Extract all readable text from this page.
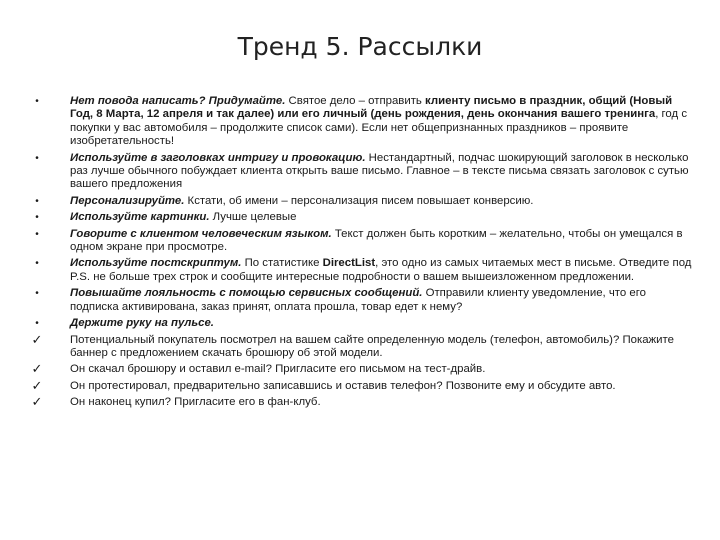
Тренд 5. Рассылки
•	Нет повода написать? Придумайте. Святое дело – отправить клиенту письмо в праздник, общий (Новый Год, 8 Марта, 12 апреля и так далее) или его личный (день рождения, день окончания вашего тренинга, год с покупки у вас автомобиля – продолжите список сами). Если нет общепризнанных праздников – проявите изобретательность!
•	Используйте в заголовках интригу и провокацию. Нестандартный, подчас шокирующий заголовок в несколько раз лучше обычного побуждает клиента открыть ваше письмо. Главное – в тексте письма связать заголовок с сутью вашего предложения
•	Персонализируйте. Кстати, об имени – персонализация писем повышает конверсию.
•	Используйте картинки. Лучше целевые
•	Говорите с клиентом человеческим языком. Текст должен быть коротким – желательно, чтобы он умещался в одном экране при просмотре.
•	Используйте постскриптум. По статистике DirectList, это одно из самых читаемых мест в письме. Отведите под P.S. не больше трех строк и сообщите интересные подробности о вашем вышеизложенном предложении.
•	Повышайте лояльность с помощью сервисных сообщений. Отправили клиенту уведомление, что его подписка активирована, заказ принят, оплата прошла, товар едет к нему?
•	Держите руку на пульсе.
✓ Потенциальный покупатель посмотрел на вашем сайте определенную модель (телефон, автомобиль)? Покажите баннер с предложением скачать брошюру об этой модели.
✓ Он скачал брошюру и оставил e-mail? Пригласите его письмом на тест-драйв.
✓ Он протестировал, предварительно записавшись и оставив телефон? Позвоните ему и обсудите авто.
✓ Он наконец купил? Пригласите его в фан-клуб.
